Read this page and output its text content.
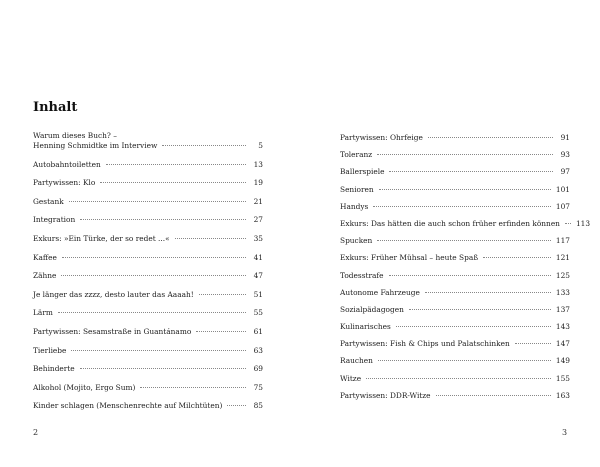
Inhalt
Warum dieses Buch? –
Henning Schmidtke im Interview	5
Autobahntoiletten	13
Partywissen: Klo	19
Gestank	21
Integration	27
Exkurs: »Ein Türke, der so redet ...«	35
Kaffee	41
Zähne	47
Je länger das zzzz, desto lauter das Aaaah!	51
Lärm	55
Partywissen: Sesamstraße in Guantánamo	61
Tierliebe	63
Behinderte	69
Alkohol (Mojito, Ergo Sum)	75
Kinder schlagen (Menschenrechte auf Milchtüten)	85
Partywissen: Ohrfeige	91
Toleranz	93
Ballerspiele	97
Senioren	101
Handys	107
Exkurs: Das hätten die auch schon früher erfinden können 113
Spucken	117
Exkurs: Früher Mühsal – heute Spaß	121
Todesstrafe	125
Autonome Fahrzeuge	133
Sozialpädagogen	137
Kulinarisches	143
Partywissen: Fish & Chips und Palatschinken	147
Rauchen	149
Witze	155
Partywissen: DDR-Witze	163
2	3
